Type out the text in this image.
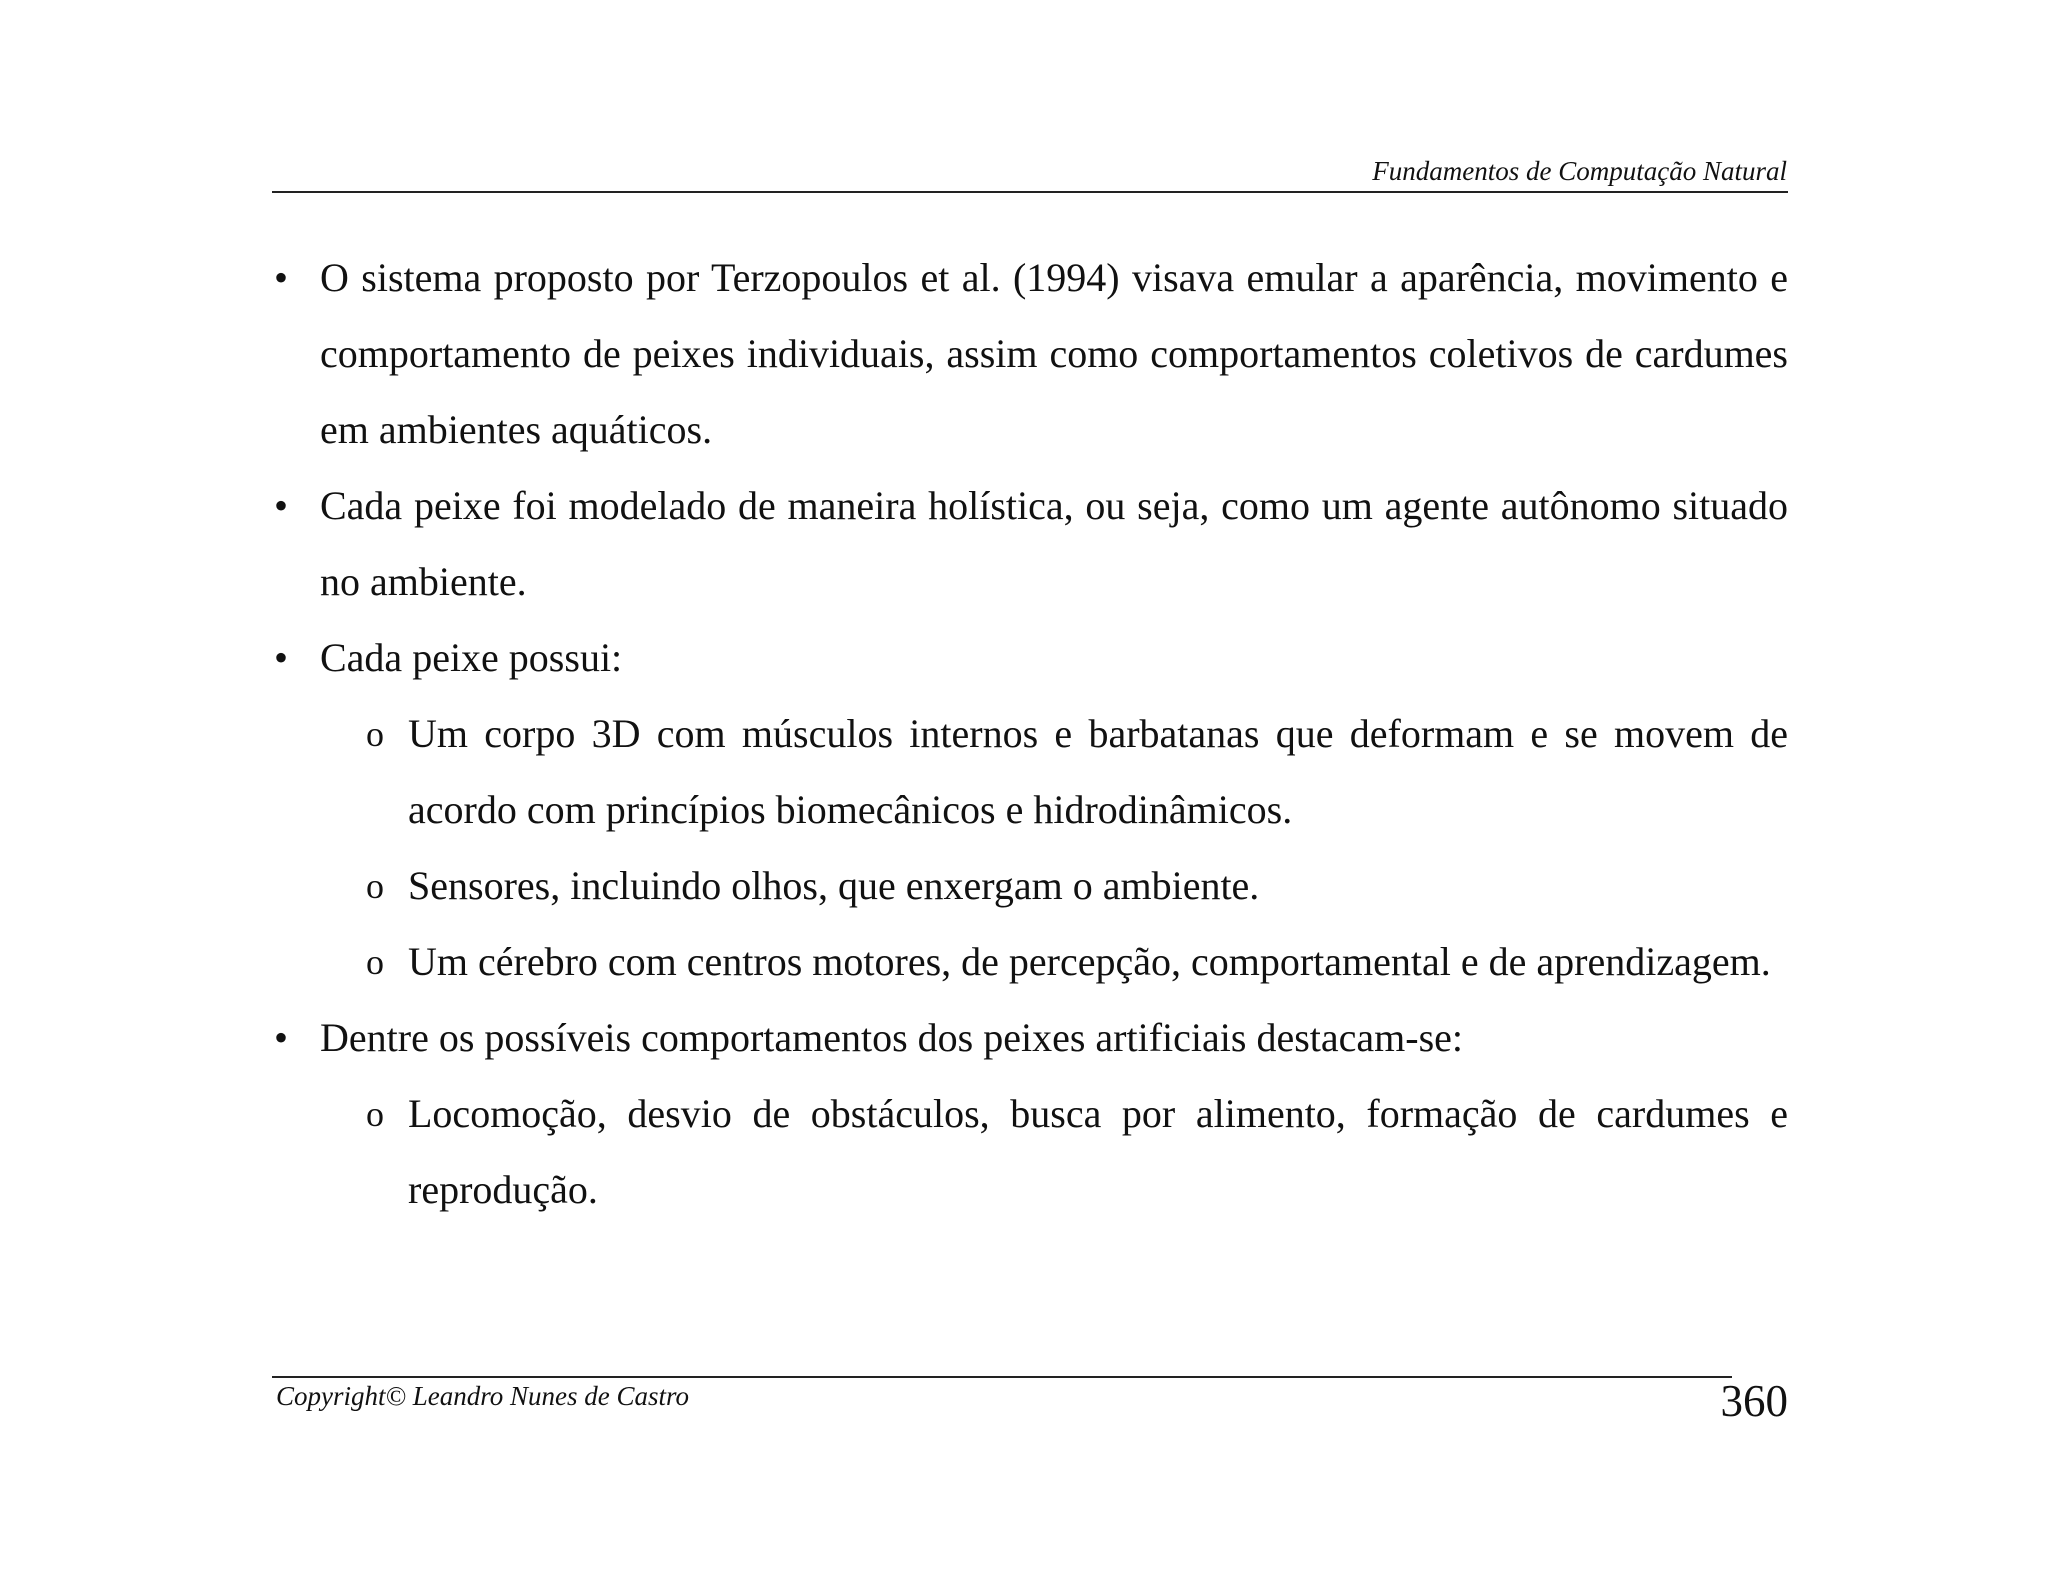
Fundamentos de Computação Natural
• O sistema proposto por Terzopoulos et al. (1994) visava emular a aparência, movimento e comportamento de peixes individuais, assim como comportamentos coletivos de cardumes em ambientes aquáticos.
• Cada peixe foi modelado de maneira holística, ou seja, como um agente autônomo situado no ambiente.
• Cada peixe possui:
o Um corpo 3D com músculos internos e barbatanas que deformam e se movem de acordo com princípios biomecânicos e hidrodinâmicos.
o Sensores, incluindo olhos, que enxergam o ambiente.
o Um cérebro com centros motores, de percepção, comportamental e de aprendizagem.
• Dentre os possíveis comportamentos dos peixes artificiais destacam-se:
o Locomoção, desvio de obstáculos, busca por alimento, formação de cardumes e reprodução.
Copyright© Leandro Nunes de Castro	360
